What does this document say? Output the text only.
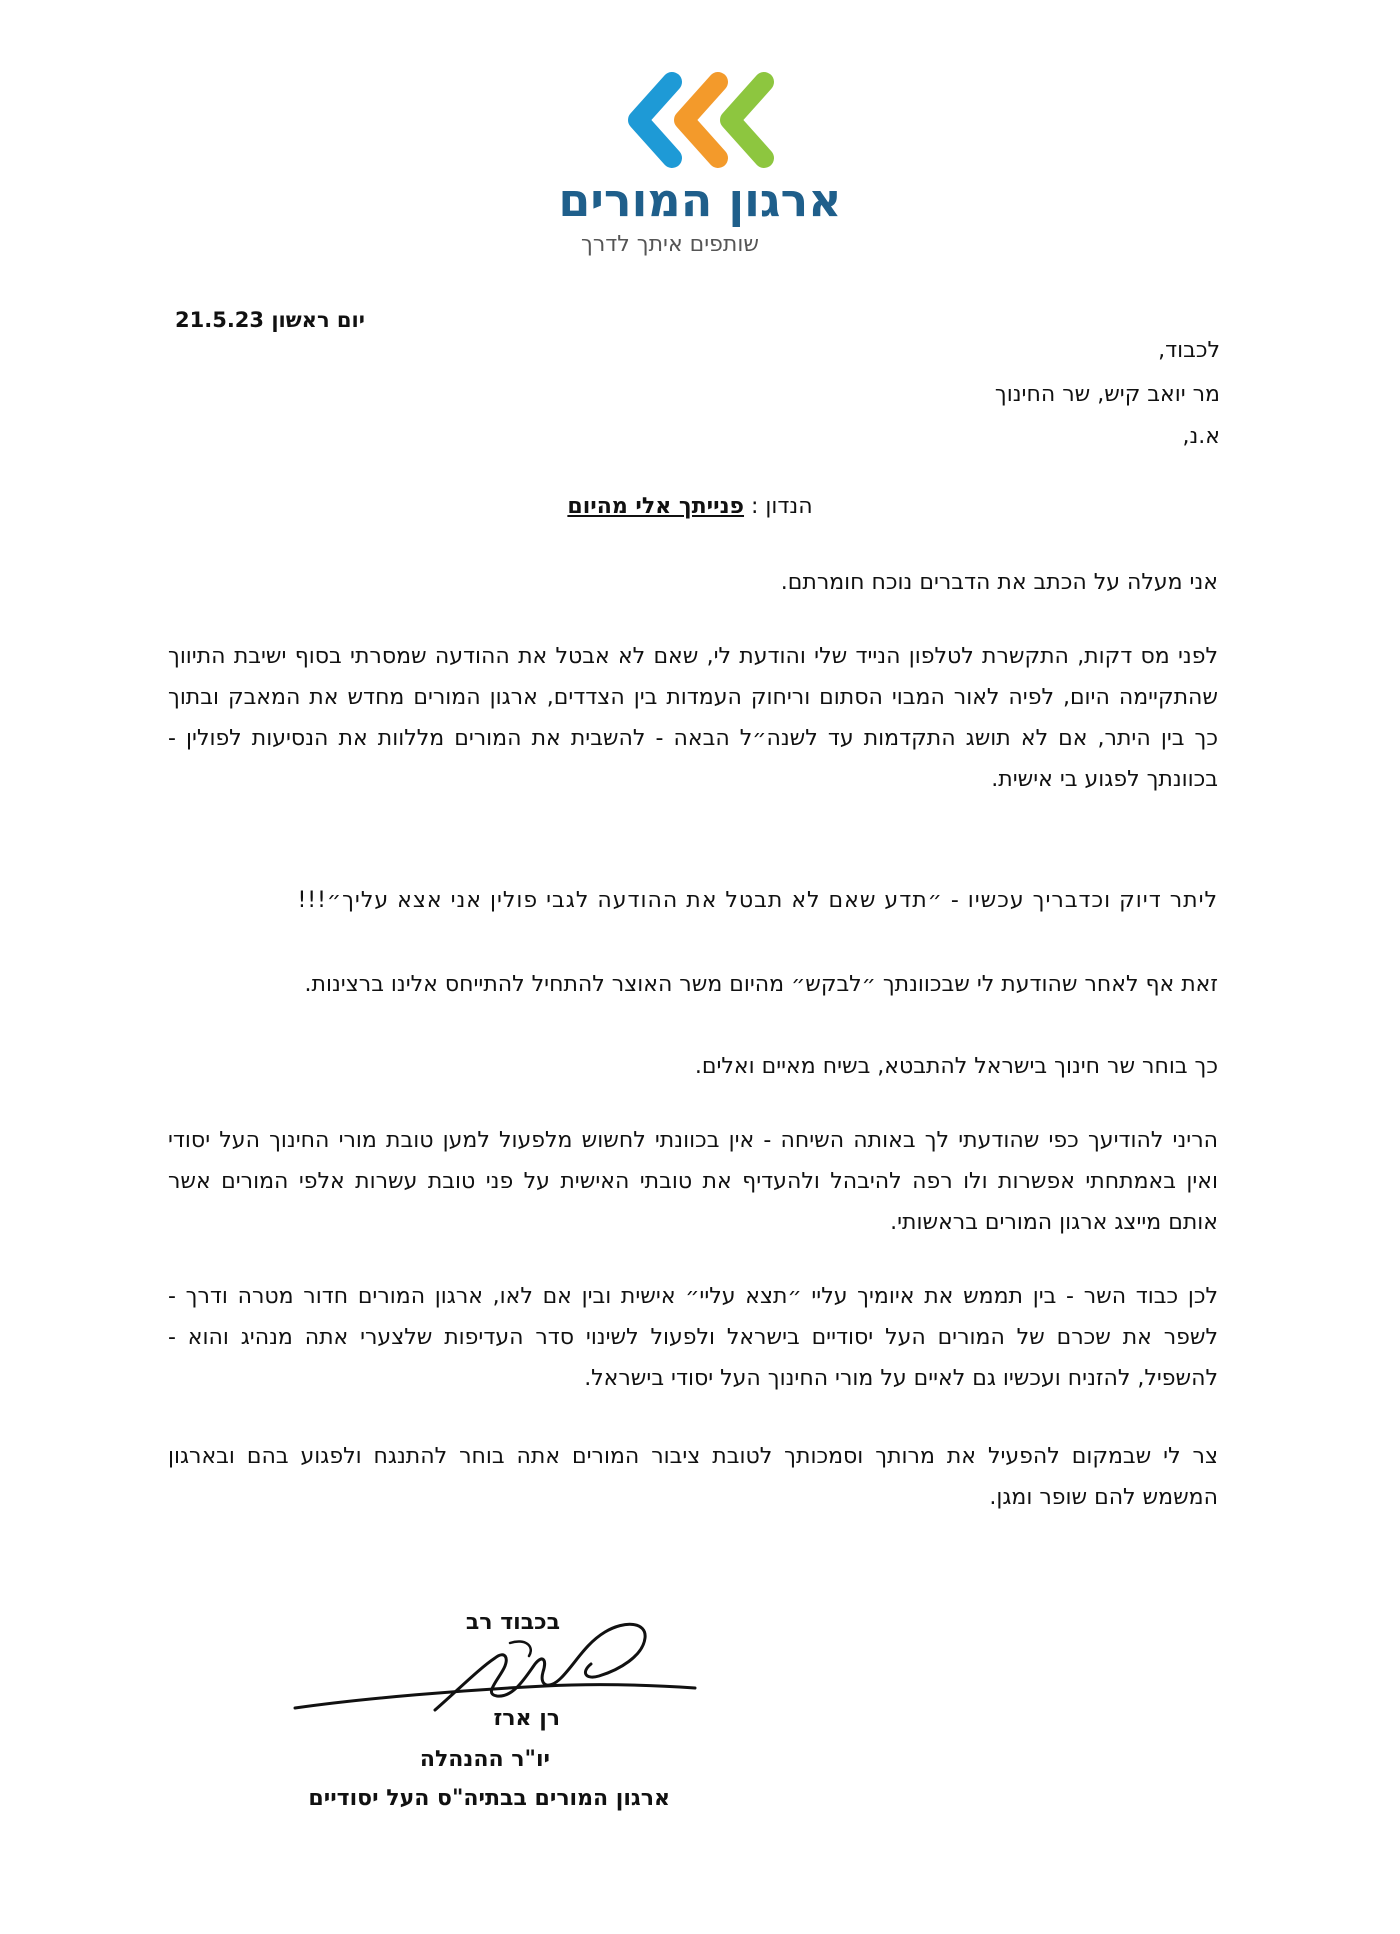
ארגון המורים
שותפים איתך לדרך
יום ראשון 21.5.23
לכבוד,
מר יואב קיש, שר החינוך
א.נ,
הנדון : פנייתך אלי מהיום

אני מעלה על הכתב את הדברים נוכח חומרתם.

לפני מס דקות, התקשרת לטלפון הנייד שלי והודעת לי, שאם לא אבטל את ההודעה שמסרתי בסוף ישיבת התיווך שהתקיימה היום, לפיה לאור המבוי הסתום וריחוק העמדות בין הצדדים, ארגון המורים מחדש את המאבק ובתוך כך בין היתר, אם לא תושג התקדמות עד לשנה״ל הבאה - להשבית את המורים מללוות את הנסיעות לפולין - בכוונתך לפגוע בי אישית.

ליתר דיוק וכדבריך עכשיו - ״תדע שאם לא תבטל את ההודעה לגבי פולין אני אצא עליך״!!!

זאת אף לאחר שהודעת לי שבכוונתך ״לבקש״ מהיום משר האוצר להתחיל להתייחס אלינו ברצינות.

כך בוחר שר חינוך בישראל להתבטא, בשיח מאיים ואלים.

הריני להודיעך כפי שהודעתי לך באותה השיחה - אין בכוונתי לחשוש מלפעול למען טובת מורי החינוך העל יסודי ואין באמתחתי אפשרות ולו רפה להיבהל ולהעדיף את טובתי האישית על פני טובת עשרות אלפי המורים אשר אותם מייצג ארגון המורים בראשותי.

לכן כבוד השר - בין תממש את איומיך עליי ״תצא עליי״ אישית ובין אם לאו, ארגון המורים חדור מטרה ודרך - לשפר את שכרם של המורים העל יסודיים בישראל ולפעול לשינוי סדר העדיפות שלצערי אתה מנהיג והוא - להשפיל, להזניח ועכשיו גם לאיים על מורי החינוך העל יסודי בישראל.

צר לי שבמקום להפעיל את מרותך וסמכותך לטובת ציבור המורים אתה בוחר להתנגח ולפגוע בהם ובארגון המשמש להם שופר ומגן.

בכבוד רב
רן ארז
יו"ר ההנהלה
ארגון המורים בבתיה"ס העל יסודיים
